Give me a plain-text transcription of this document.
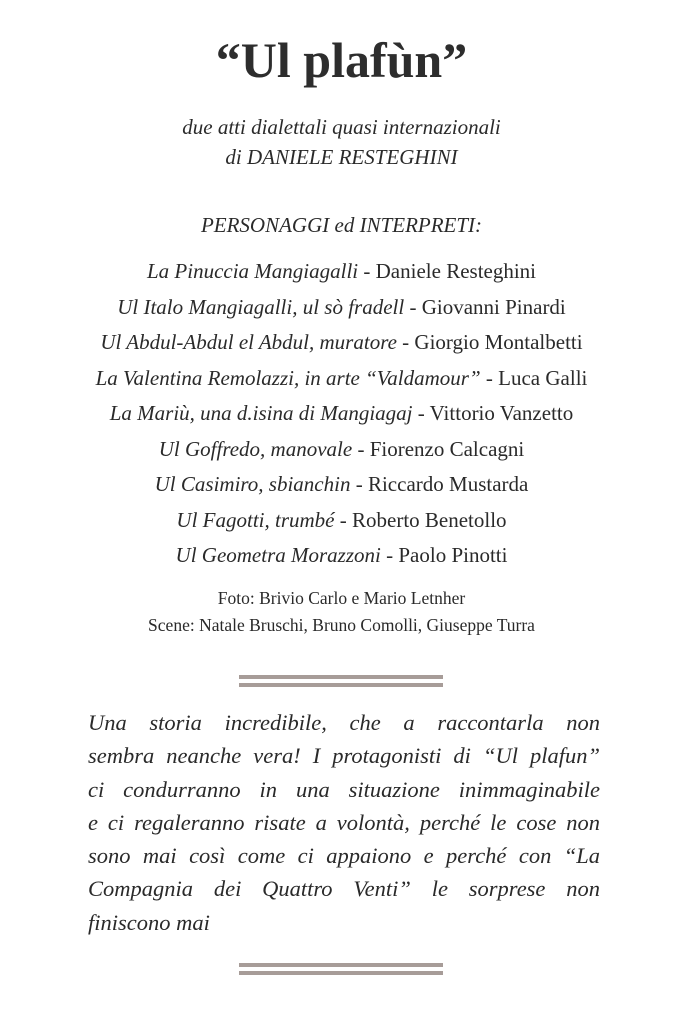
“Ul plafùn”
due atti dialettali quasi internazionali
di DANIELE RESTEGHINI
PERSONAGGI ed INTERPRETI:
La Pinuccia Mangiagalli - Daniele Resteghini
Ul Italo Mangiagalli, ul sò fradell - Giovanni Pinardi
Ul Abdul-Abdul el Abdul, muratore - Giorgio Montalbetti
La Valentina Remolazzi, in arte “Valdamour” - Luca Galli
La Mariù, una d.isina di Mangiagaj - Vittorio Vanzetto
Ul Goffredo, manovale - Fiorenzo Calcagni
Ul Casimiro, sbianchin - Riccardo Mustarda
Ul Fagotti, trumbé - Roberto Benetollo
Ul Geometra Morazzoni - Paolo Pinotti
Foto: Brivio Carlo e Mario Letnher
Scene: Natale Bruschi, Bruno Comolli, Giuseppe Turra
Una storia incredibile, che a raccontarla non
sembra neanche vera! I protagonisti di “Ul plafun”
ci condurranno in una situazione inimmaginabile
e ci regaleranno risate a volontà, perché le cose non
sono mai così come ci appaiono e perché con “La
Compagnia dei Quattro Venti” le sorprese non
finiscono mai
